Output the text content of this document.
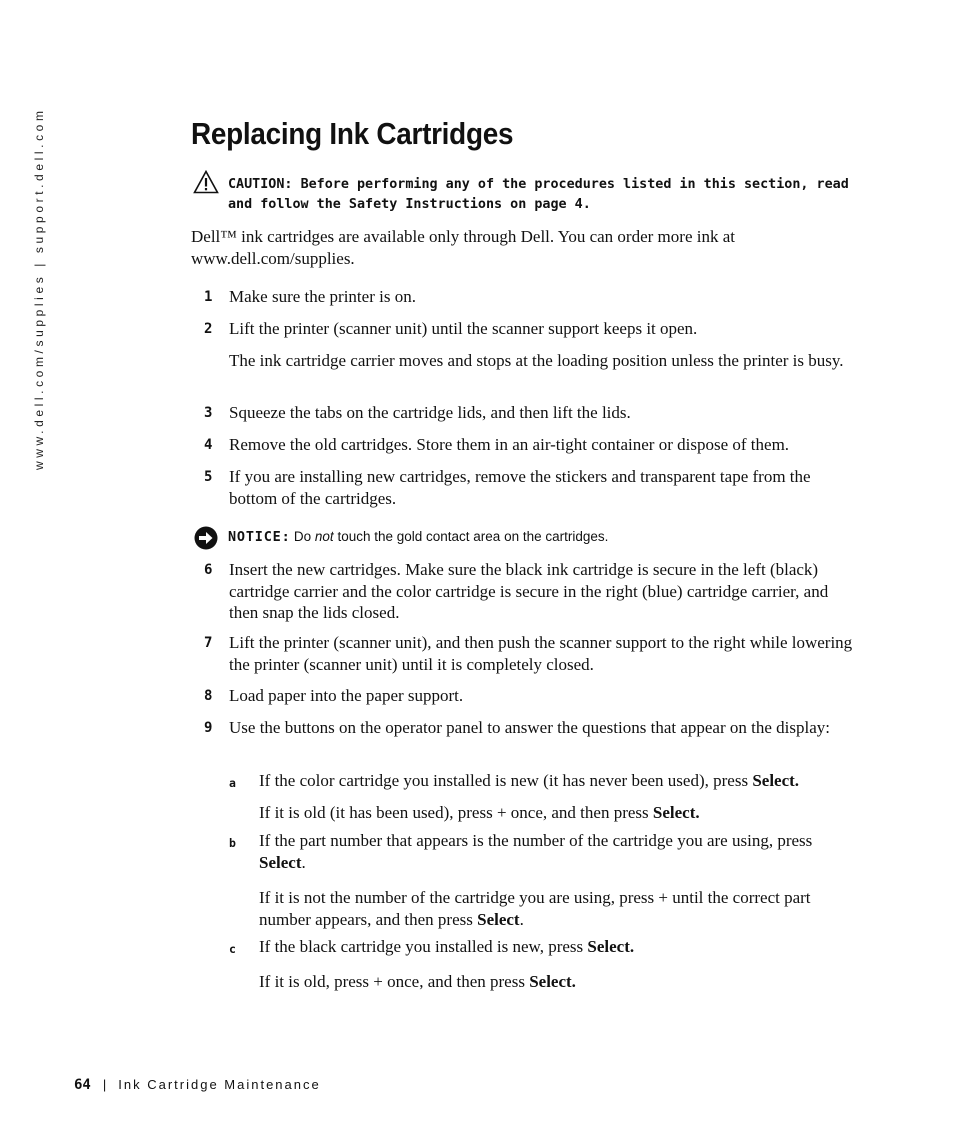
www.dell.com/supplies | support.dell.com	Replacing Ink Cartridges
CAUTION: Before performing any of the procedures listed in this section, read and follow the Safety Instructions on page 4.

Dell™ ink cartridges are available only through Dell. You can order more ink at
www.dell.com/supplies.

1 Make sure the printer is on.
2 Lift the printer (scanner unit) until the scanner support keeps it open.
The ink cartridge carrier moves and stops at the loading position unless the printer is busy.
3 Squeeze the tabs on the cartridge lids, and then lift the lids.
4 Remove the old cartridges. Store them in an air-tight container or dispose of them.
5 If you are installing new cartridges, remove the stickers and transparent tape from the bottom of the cartridges.
NOTICE: Do not touch the gold contact area on the cartridges.
6 Insert the new cartridges. Make sure the black ink cartridge is secure in the left (black) cartridge carrier and the color cartridge is secure in the right (blue) cartridge carrier, and then snap the lids closed.
7 Lift the printer (scanner unit), and then push the scanner support to the right while lowering the printer (scanner unit) until it is completely closed.
8 Load paper into the paper support.
9 Use the buttons on the operator panel to answer the questions that appear on the display:
a If the color cartridge you installed is new (it has never been used), press Select.
If it is old (it has been used), press + once, and then press Select.
b If the part number that appears is the number of the cartridge you are using, press Select.
If it is not the number of the cartridge you are using, press + until the correct part number appears, and then press Select.
c If the black cartridge you installed is new, press Select.
If it is old, press + once, and then press Select.
64 | Ink Cartridge Maintenance
